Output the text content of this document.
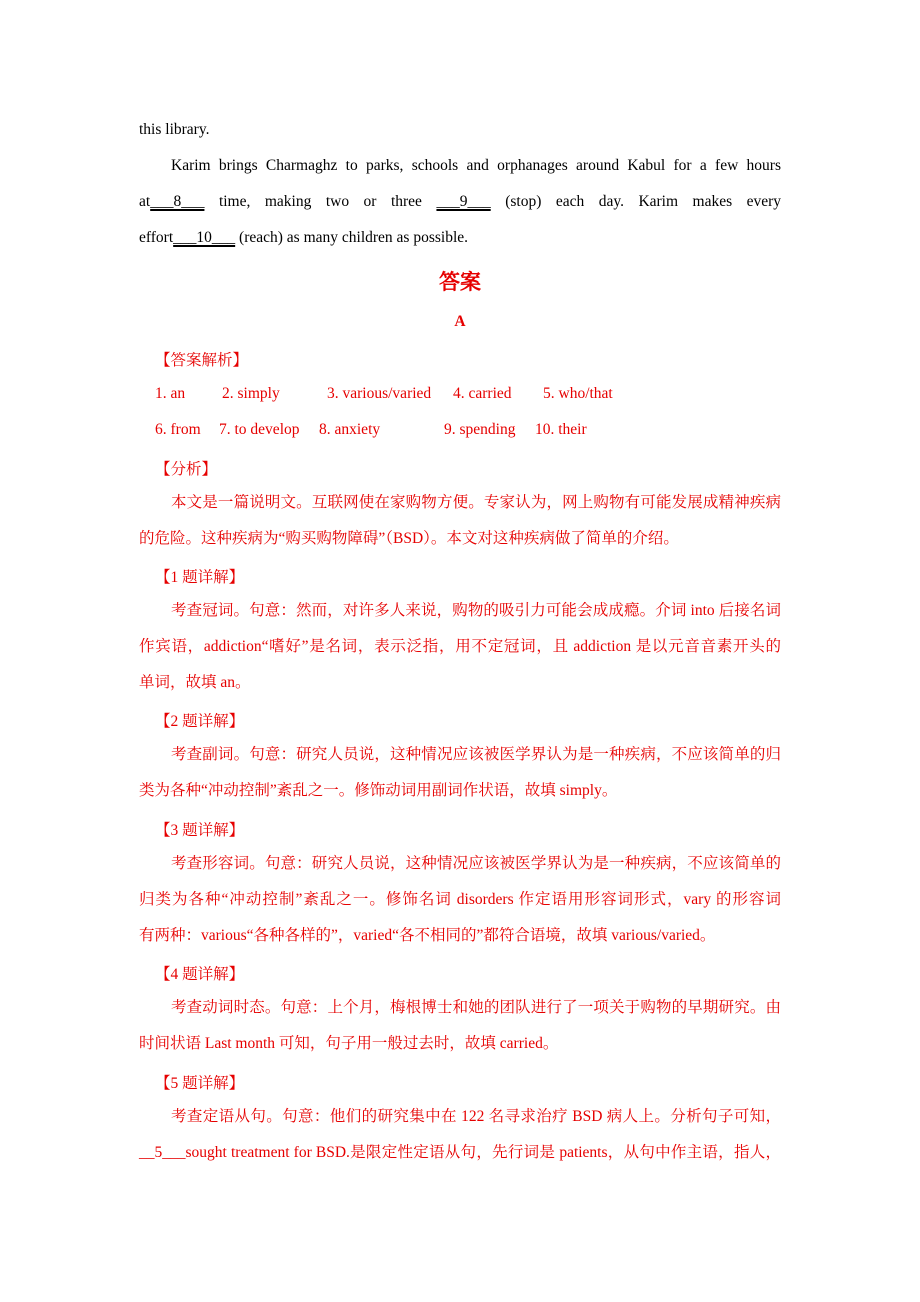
this library.
Karim brings Charmaghz to parks, schools and orphanages around Kabul for a few hours
at___8___ time, making two or three ___9___ (stop) each day. Karim makes every
effort___10___ (reach) as many children as possible.
答案
A
【答案解析】
1. an 2. simply	3. various/varied 4. carried 5. who/that
6. from 7. to develop 8. anxiety	9. spending 10. their
【分析】
本文是一篇说明文。互联网使在家购物方便。专家认为，网上购物有可能发展成精神疾病
的危险。这种疾病为“购买购物障碍”（BSD）。本文对这种疾病做了简单的介绍。
【1 题详解】
考查冠词。句意：然而，对许多人来说，购物的吸引力可能会成成瘾。介词 into 后接名词
作宾语，addiction“嗜好”是名词，表示泛指，用不定冠词，且 addiction 是以元音音素开头的
单词，故填 an。
【2 题详解】
考查副词。句意：研究人员说，这种情况应该被医学界认为是一种疾病，不应该简单的归
类为各种“冲动控制”紊乱之一。修饰动词用副词作状语，故填 simply。
【3 题详解】
考查形容词。句意：研究人员说，这种情况应该被医学界认为是一种疾病，不应该简单的
归类为各种“冲动控制”紊乱之一。修饰名词 disorders 作定语用形容词形式，vary 的形容词
有两种：various“各种各样的”，varied“各不相同的”都符合语境，故填 various/varied。
【4 题详解】
考查动词时态。句意：上个月，梅根博士和她的团队进行了一项关于购物的早期研究。由
时间状语 Last month 可知，句子用一般过去时，故填 carried。
【5 题详解】
考查定语从句。句意：他们的研究集中在 122 名寻求治疗 BSD 病人上。分析句子可知，
__5___sought treatment for BSD.是限定性定语从句，先行词是 patients，从句中作主语，指人，
